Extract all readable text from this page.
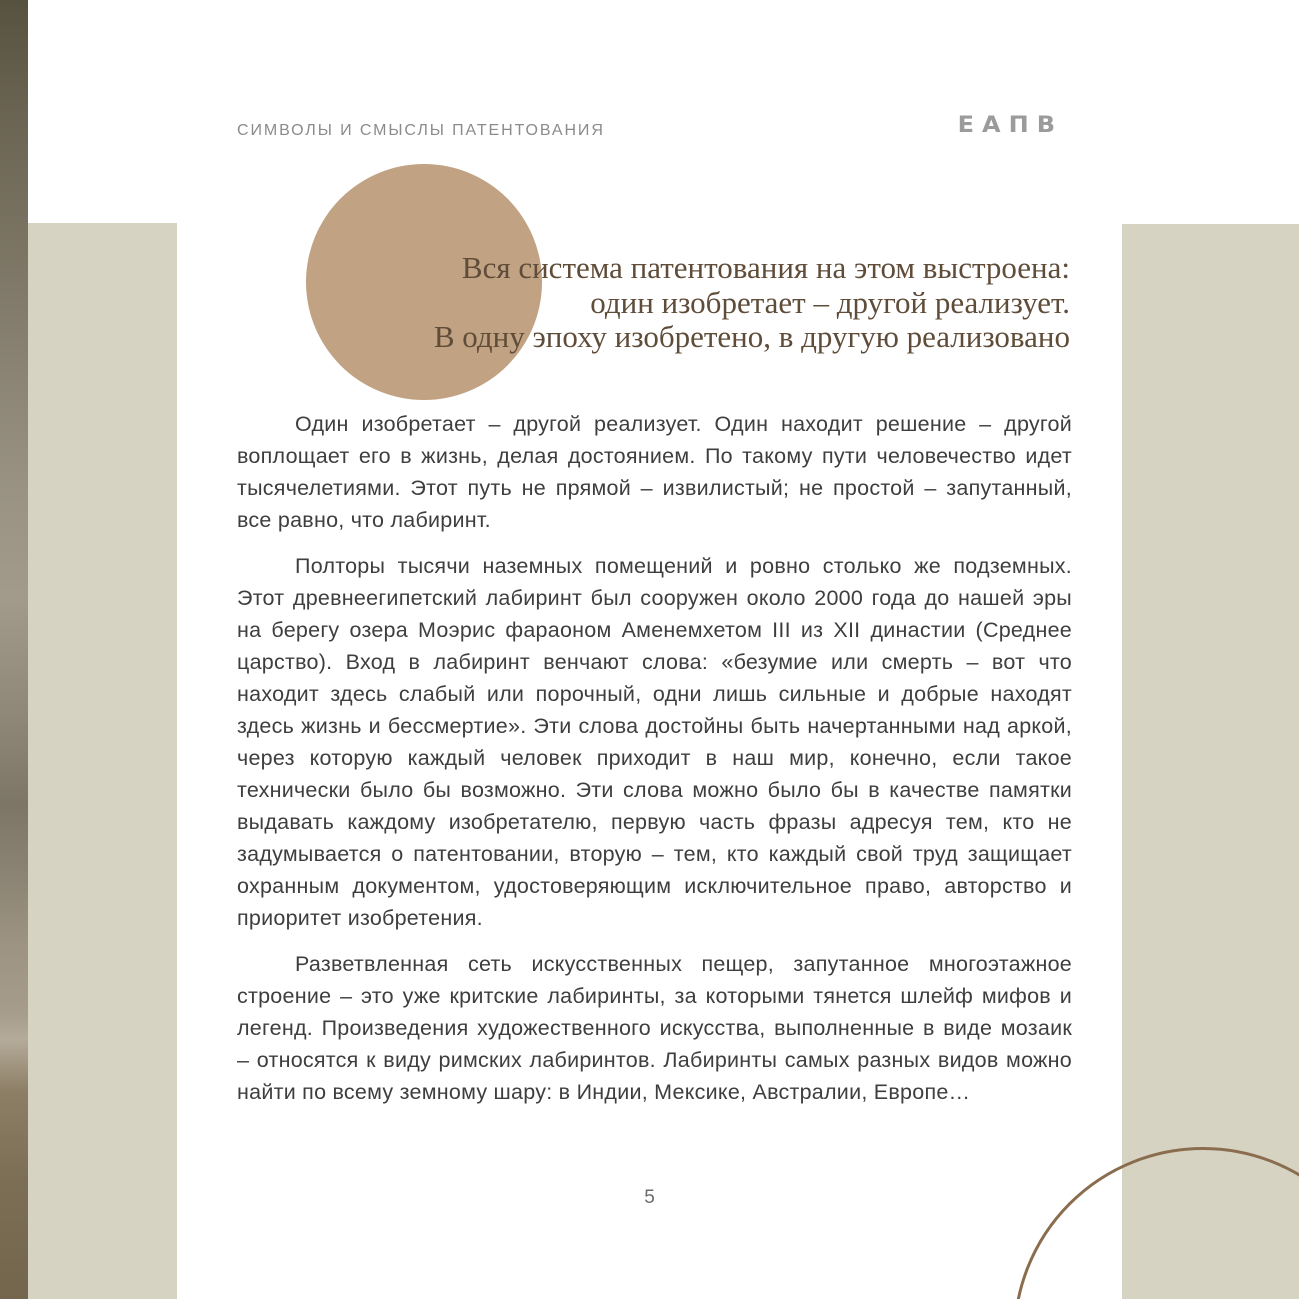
СИМВОЛЫ И СМЫСЛЫ ПАТЕНТОВАНИЯ	ЕАПВ
Вся система патентования на этом выстроена:
один изобретает – другой реализует.
В одну эпоху изобретено, в другую реализовано

Один изобретает – другой реализует. Один находит решение – другой воплощает его в жизнь, делая достоянием. По такому пути человечество идет тысячелетиями. Этот путь не прямой – извилистый; не простой – запутанный, все равно, что лабиринт.

Полторы тысячи наземных помещений и ровно столько же подземных. Этот древнеегипетский лабиринт был сооружен около 2000 года до нашей эры на берегу озера Моэрис фараоном Аменемхетом III из XII династии (Среднее царство). Вход в лабиринт венчают слова: «безумие или смерть – вот что находит здесь слабый или порочный, одни лишь сильные и добрые находят здесь жизнь и бессмертие». Эти слова достойны быть начертанными над аркой, через которую каждый человек приходит в наш мир, конечно, если такое технически было бы возможно. Эти слова можно было бы в качестве памятки выдавать каждому изобретателю, первую часть фразы адресуя тем, кто не задумывается о патентовании, вторую – тем, кто каждый свой труд защищает охранным документом, удостоверяющим исключительное право, авторство и приоритет изобретения.

Разветвленная сеть искусственных пещер, запутанное многоэтажное строение – это уже критские лабиринты, за которыми тянется шлейф мифов и легенд. Произведения художественного искусства, выполненные в виде мозаик – относятся к виду римских лабиринтов. Лабиринты самых разных видов можно найти по всему земному шару: в Индии, Мексике, Австралии, Европе…

5
